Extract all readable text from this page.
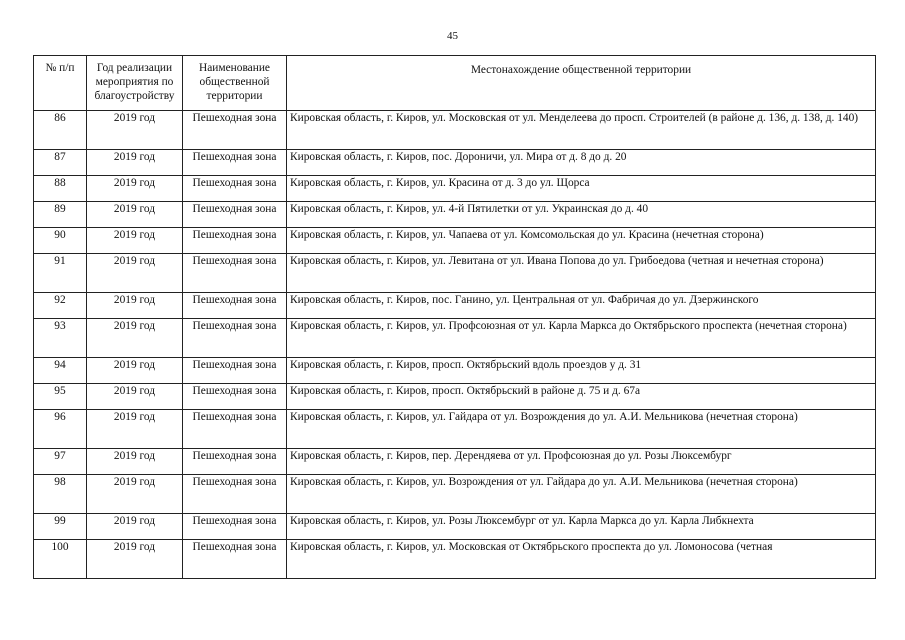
45
№ п/п	Год реализации мероприятия по благоустройству	Наименование общественной территории	Местонахождение общественной территории
86	2019 год	Пешеходная зона	Кировская область, г. Киров, ул. Московская от ул. Менделеева до просп. Строителей (в районе д. 136, д. 138, д. 140)
87	2019 год	Пешеходная зона	Кировская область, г. Киров, пос. Дороничи, ул. Мира от д. 8 до д. 20
88	2019 год	Пешеходная зона	Кировская область, г. Киров, ул. Красина от д. 3 до ул. Щорса
89	2019 год	Пешеходная зона	Кировская область, г. Киров, ул. 4-й Пятилетки от ул. Украинская до д. 40
90	2019 год	Пешеходная зона	Кировская область, г. Киров, ул. Чапаева от ул. Комсомольская до ул. Красина (нечетная сторона)
91	2019 год	Пешеходная зона	Кировская область, г. Киров, ул. Левитана от ул. Ивана Попова до ул. Грибоедова (четная и нечетная сторона)
92	2019 год	Пешеходная зона	Кировская область, г. Киров, пос. Ганино, ул. Центральная от ул. Фабричая до ул. Дзержинского
93	2019 год	Пешеходная зона	Кировская область, г. Киров, ул. Профсоюзная от ул. Карла Маркса до Октябрьского проспекта (нечетная сторона)
94	2019 год	Пешеходная зона	Кировская область, г. Киров, просп. Октябрьский вдоль проездов у д. 31
95	2019 год	Пешеходная зона	Кировская область, г. Киров, просп. Октябрьский в районе д. 75 и д. 67а
96	2019 год	Пешеходная зона	Кировская область, г. Киров, ул. Гайдара от ул. Возрождения до ул. А.И. Мельникова (нечетная сторона)
97	2019 год	Пешеходная зона	Кировская область, г. Киров, пер. Дерендяева от ул. Профсоюзная до ул. Розы Люксембург
98	2019 год	Пешеходная зона	Кировская область, г. Киров, ул. Возрождения от ул. Гайдара до ул. А.И. Мельникова (нечетная сторона)
99	2019 год	Пешеходная зона	Кировская область, г. Киров, ул. Розы Люксембург от ул. Карла Маркса до ул. Карла Либкнехта
100	2019 год	Пешеходная зона	Кировская область, г. Киров, ул. Московская от Октябрьского проспекта до ул. Ломоносова (четная
